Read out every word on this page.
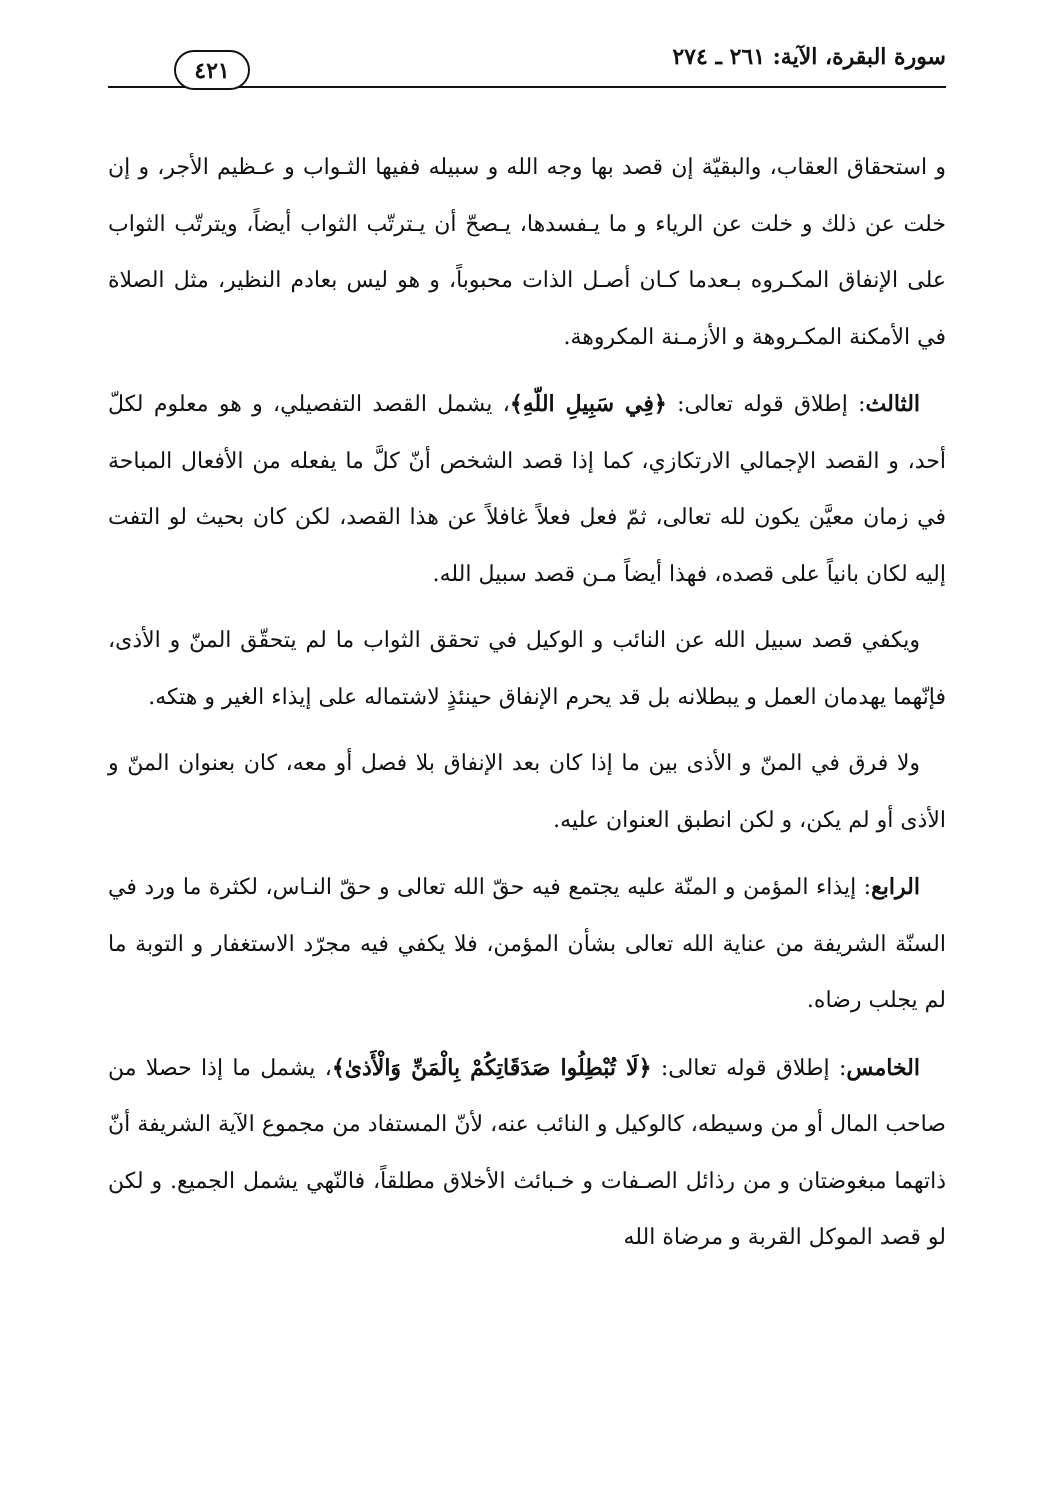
سورة البقرة، الآية: ٢٦١ ـ ٢٧٤
٤٢١

و استحقاق العقاب، والبقيّة إن قصد بها وجه الله و سبيله ففيها الثـواب و عـظيم الأجر، و إن خلت عن ذلك و خلت عن الرياء و ما يـفسدها، يـصحّ أن يـترتّب الثواب أيضاً، ويترتّب الثواب على الإنفاق المكـروه بـعدما كـان أصـل الذات محبوباً، و هو ليس بعادم النظير، مثل الصلاة في الأمكنة المكـروهة و الأزمـنة المكروهة.

الثالث: إطلاق قوله تعالى: ﴿فِي سَبِيلِ اللّهِ﴾، يشمل القصد التفصيلي، و هو معلوم لكلّ أحد، و القصد الإجمالي الارتكازي، كما إذا قصد الشخص أنّ كلَّ ما يفعله من الأفعال المباحة في زمان معيَّن يكون لله تعالى، ثمّ فعل فعلاً غافلاً عن هذا القصد، لكن كان بحيث لو التفت إليه لكان بانياً على قصده، فهذا أيضاً مـن قصد سبيل الله.

ويكفي قصد سبيل الله عن النائب و الوكيل في تحقق الثواب ما لم يتحقّق المنّ و الأذى، فإنّهما يهدمان العمل و يبطلانه بل قد يحرم الإنفاق حينئذٍ لاشتماله على إيذاء الغير و هتكه.

ولا فرق في المنّ و الأذى بين ما إذا كان بعد الإنفاق بلا فصل أو معه، كان بعنوان المنّ و الأذى أو لم يكن، و لكن انطبق العنوان عليه.

الرابع: إيذاء المؤمن و المنّة عليه يجتمع فيه حقّ الله تعالى و حقّ النـاس، لكثرة ما ورد في السنّة الشريفة من عناية الله تعالى بشأن المؤمن، فلا يكفي فيه مجرّد الاستغفار و التوبة ما لم يجلب رضاه.

الخامس: إطلاق قوله تعالى: ﴿لَا تُبْطِلُوا صَدَقَاتِكُمْ بِالْمَنِّ وَالْأَذىٰ﴾، يشمل ما إذا حصلا من صاحب المال أو من وسيطه، كالوكيل و النائب عنه، لأنّ المستفاد من مجموع الآية الشريفة أنّ ذاتهما مبغوضتان و من رذائل الصـفات و خـبائث الأخلاق مطلقاً، فالنّهي يشمل الجميع. و لكن لو قصد الموكل القربة و مرضاة الله
